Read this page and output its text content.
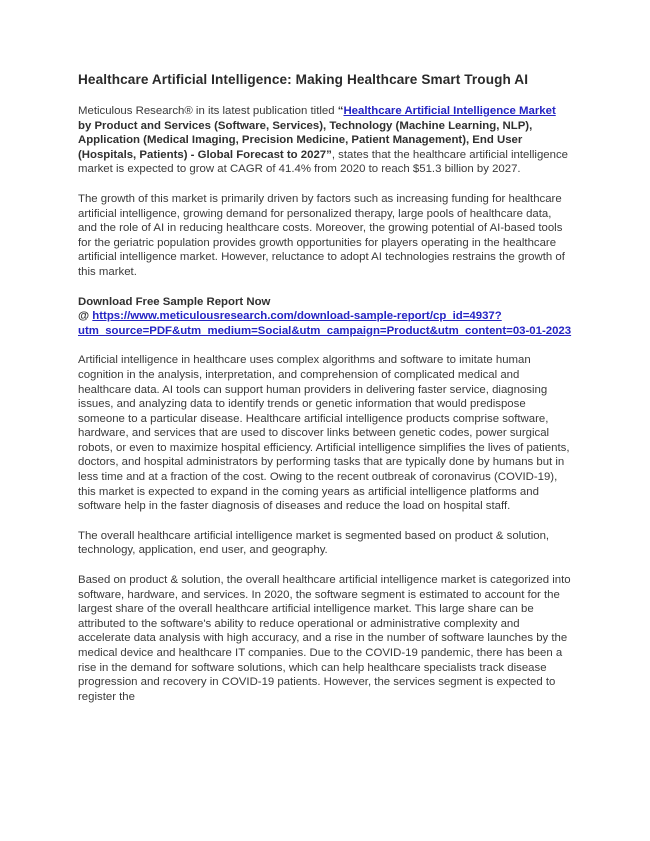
Healthcare Artificial Intelligence: Making Healthcare Smart Trough AI

Meticulous Research® in its latest publication titled “Healthcare Artificial Intelligence Market by Product and Services (Software, Services), Technology (Machine Learning, NLP), Application (Medical Imaging, Precision Medicine, Patient Management), End User (Hospitals, Patients) - Global Forecast to 2027”, states that the healthcare artificial intelligence market is expected to grow at CAGR of 41.4% from 2020 to reach $51.3 billion by 2027.

The growth of this market is primarily driven by factors such as increasing funding for healthcare artificial intelligence, growing demand for personalized therapy, large pools of healthcare data, and the role of AI in reducing healthcare costs. Moreover, the growing potential of AI-based tools for the geriatric population provides growth opportunities for players operating in the healthcare artificial intelligence market. However, reluctance to adopt AI technologies restrains the growth of this market.

Download Free Sample Report Now
@ https://www.meticulousresearch.com/download-sample-report/cp_id=4937?utm_source=PDF&utm_medium=Social&utm_campaign=Product&utm_content=03-01-2023

Artificial intelligence in healthcare uses complex algorithms and software to imitate human cognition in the analysis, interpretation, and comprehension of complicated medical and healthcare data. AI tools can support human providers in delivering faster service, diagnosing issues, and analyzing data to identify trends or genetic information that would predispose someone to a particular disease. Healthcare artificial intelligence products comprise software, hardware, and services that are used to discover links between genetic codes, power surgical robots, or even to maximize hospital efficiency. Artificial intelligence simplifies the lives of patients, doctors, and hospital administrators by performing tasks that are typically done by humans but in less time and at a fraction of the cost. Owing to the recent outbreak of coronavirus (COVID-19), this market is expected to expand in the coming years as artificial intelligence platforms and software help in the faster diagnosis of diseases and reduce the load on hospital staff.

The overall healthcare artificial intelligence market is segmented based on product & solution, technology, application, end user, and geography.

Based on product & solution, the overall healthcare artificial intelligence market is categorized into software, hardware, and services. In 2020, the software segment is estimated to account for the largest share of the overall healthcare artificial intelligence market. This large share can be attributed to the software's ability to reduce operational or administrative complexity and accelerate data analysis with high accuracy, and a rise in the number of software launches by the medical device and healthcare IT companies. Due to the COVID-19 pandemic, there has been a rise in the demand for software solutions, which can help healthcare specialists track disease progression and recovery in COVID-19 patients. However, the services segment is expected to register the
